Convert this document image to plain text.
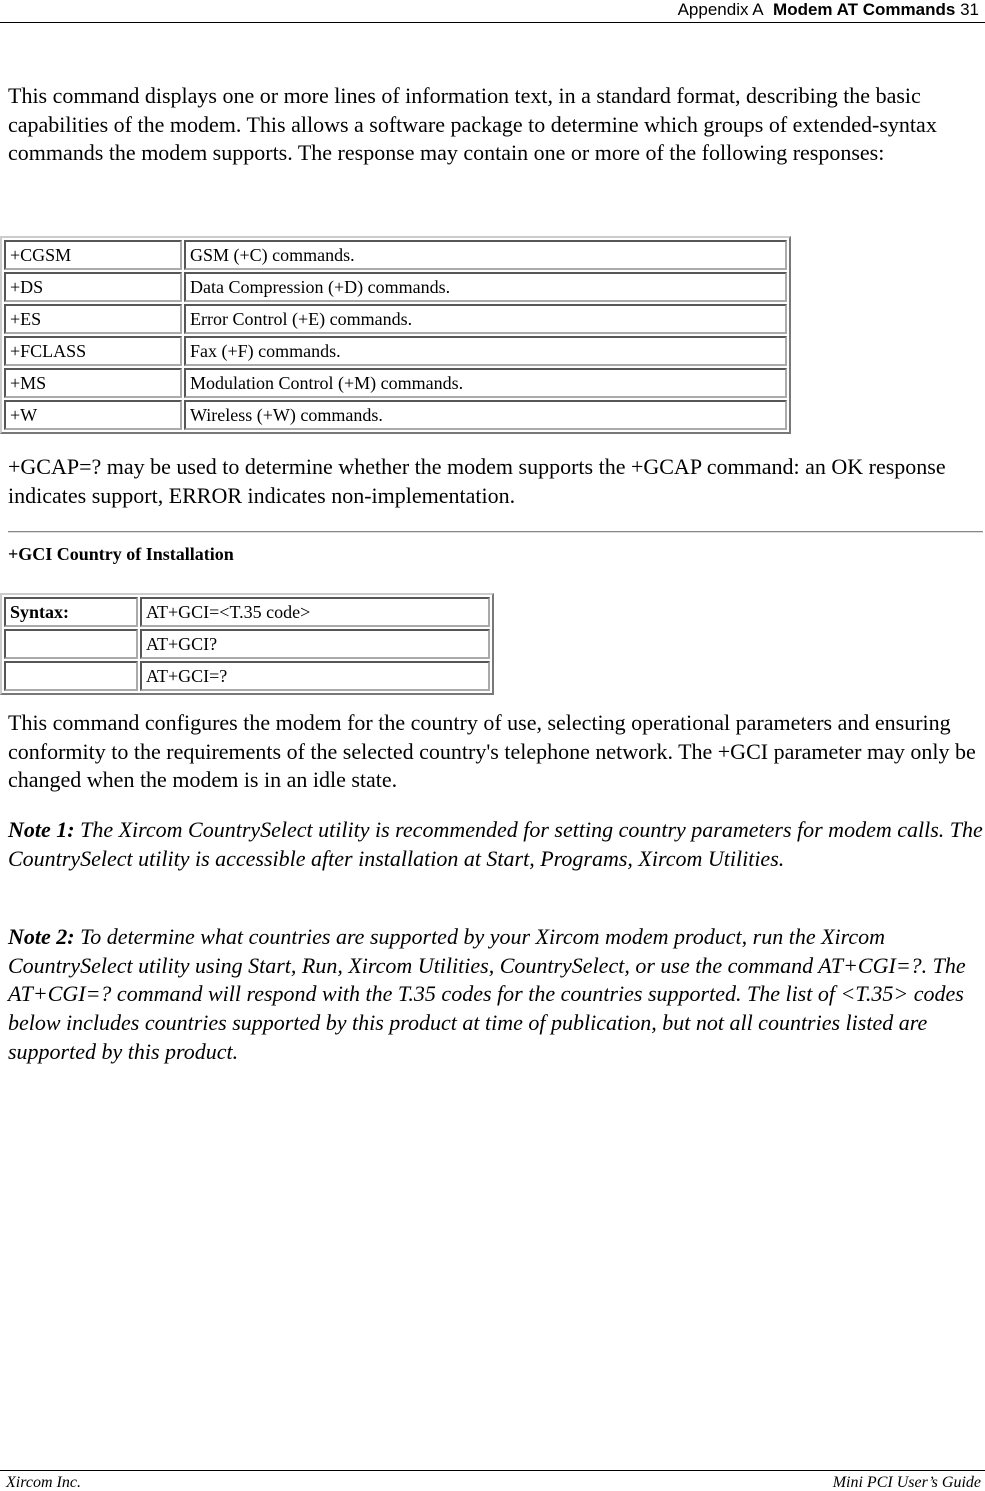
Appendix A Modem AT Commands 31
This command displays one or more lines of information text, in a standard format, describing the basic capabilities of the modem. This allows a software package to determine which groups of extended-syntax commands the modem supports. The response may contain one or more of the following responses:
+CGSM	GSM (+C) commands.
+DS	Data Compression (+D) commands.
+ES	Error Control (+E) commands.
+FCLASS	Fax (+F) commands.
+MS	Modulation Control (+M) commands.
+W	Wireless (+W) commands.
+GCAP=? may be used to determine whether the modem supports the +GCAP command: an OK response indicates support, ERROR indicates non-implementation.
+GCI Country of Installation
Syntax:	AT+GCI=<T.35 code>
	AT+GCI?
	AT+GCI=?
This command configures the modem for the country of use, selecting operational parameters and ensuring conformity to the requirements of the selected country's telephone network. The +GCI parameter may only be changed when the modem is in an idle state.
Note 1: The Xircom CountrySelect utility is recommended for setting country parameters for modem calls. The CountrySelect utility is accessible after installation at Start, Programs, Xircom Utilities.
Note 2: To determine what countries are supported by your Xircom modem product, run the Xircom CountrySelect utility using Start, Run, Xircom Utilities, CountrySelect, or use the command AT+CGI=?. The AT+CGI=? command will respond with the T.35 codes for the countries supported. The list of <T.35> codes below includes countries supported by this product at time of publication, but not all countries listed are supported by this product.
Xircom Inc.	Mini PCI User’s Guide
